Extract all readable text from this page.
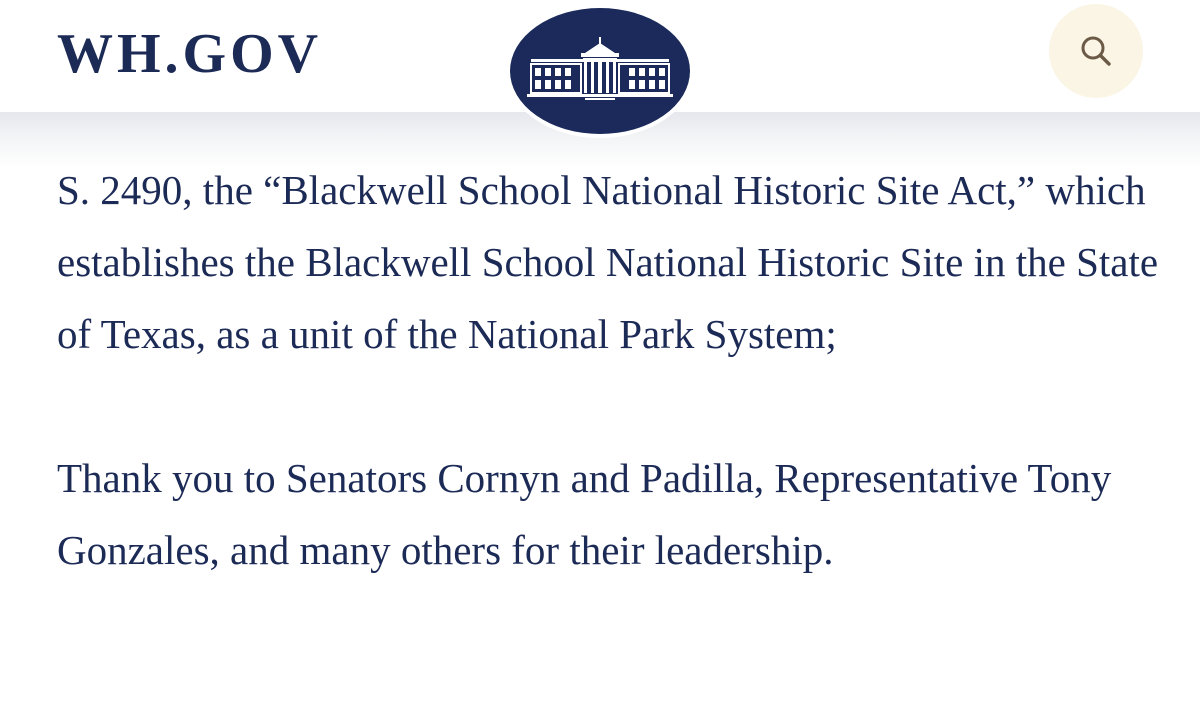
WH.GOV

S. 2490, the “Blackwell School National Historic Site Act,” which establishes the Blackwell School National Historic Site in the State of Texas, as a unit of the National Park System;

Thank you to Senators Cornyn and Padilla, Representative Tony Gonzales, and many others for their leadership.
